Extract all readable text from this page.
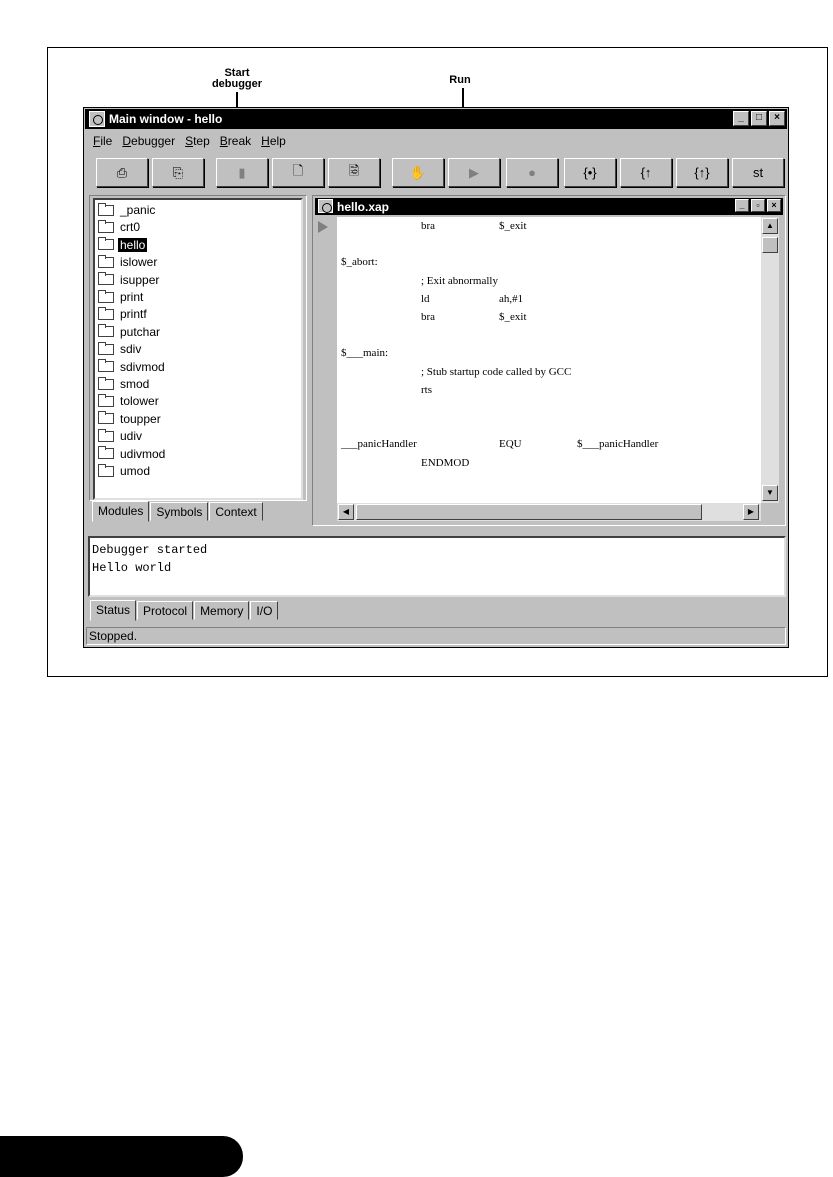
Start
debugger	Run
Main window - hello	_	□	×
File Debugger Step Break Help
⎙	⎘	▮	🗋	🗟	✋	▶	●	{•}	{↑	{↑}	st
_panic
crt0
hello
islower
isupper
print
printf
putchar
sdiv
sdivmod
smod
tolower
toupper
udiv
udivmod
umod
Modules	Symbols	Context
hello.xap	_	▫	×
bra	$_exit
$_abort:
; Exit abnormally
ld	ah,#1
bra	$_exit
$___main:
; Stub startup code called by GCC
rts
___panicHandler	EQU	$___panicHandler
ENDMOD
▲
▼
◀	▶
Debugger started
Hello world
Status	Protocol	Memory	I/O
Stopped.
